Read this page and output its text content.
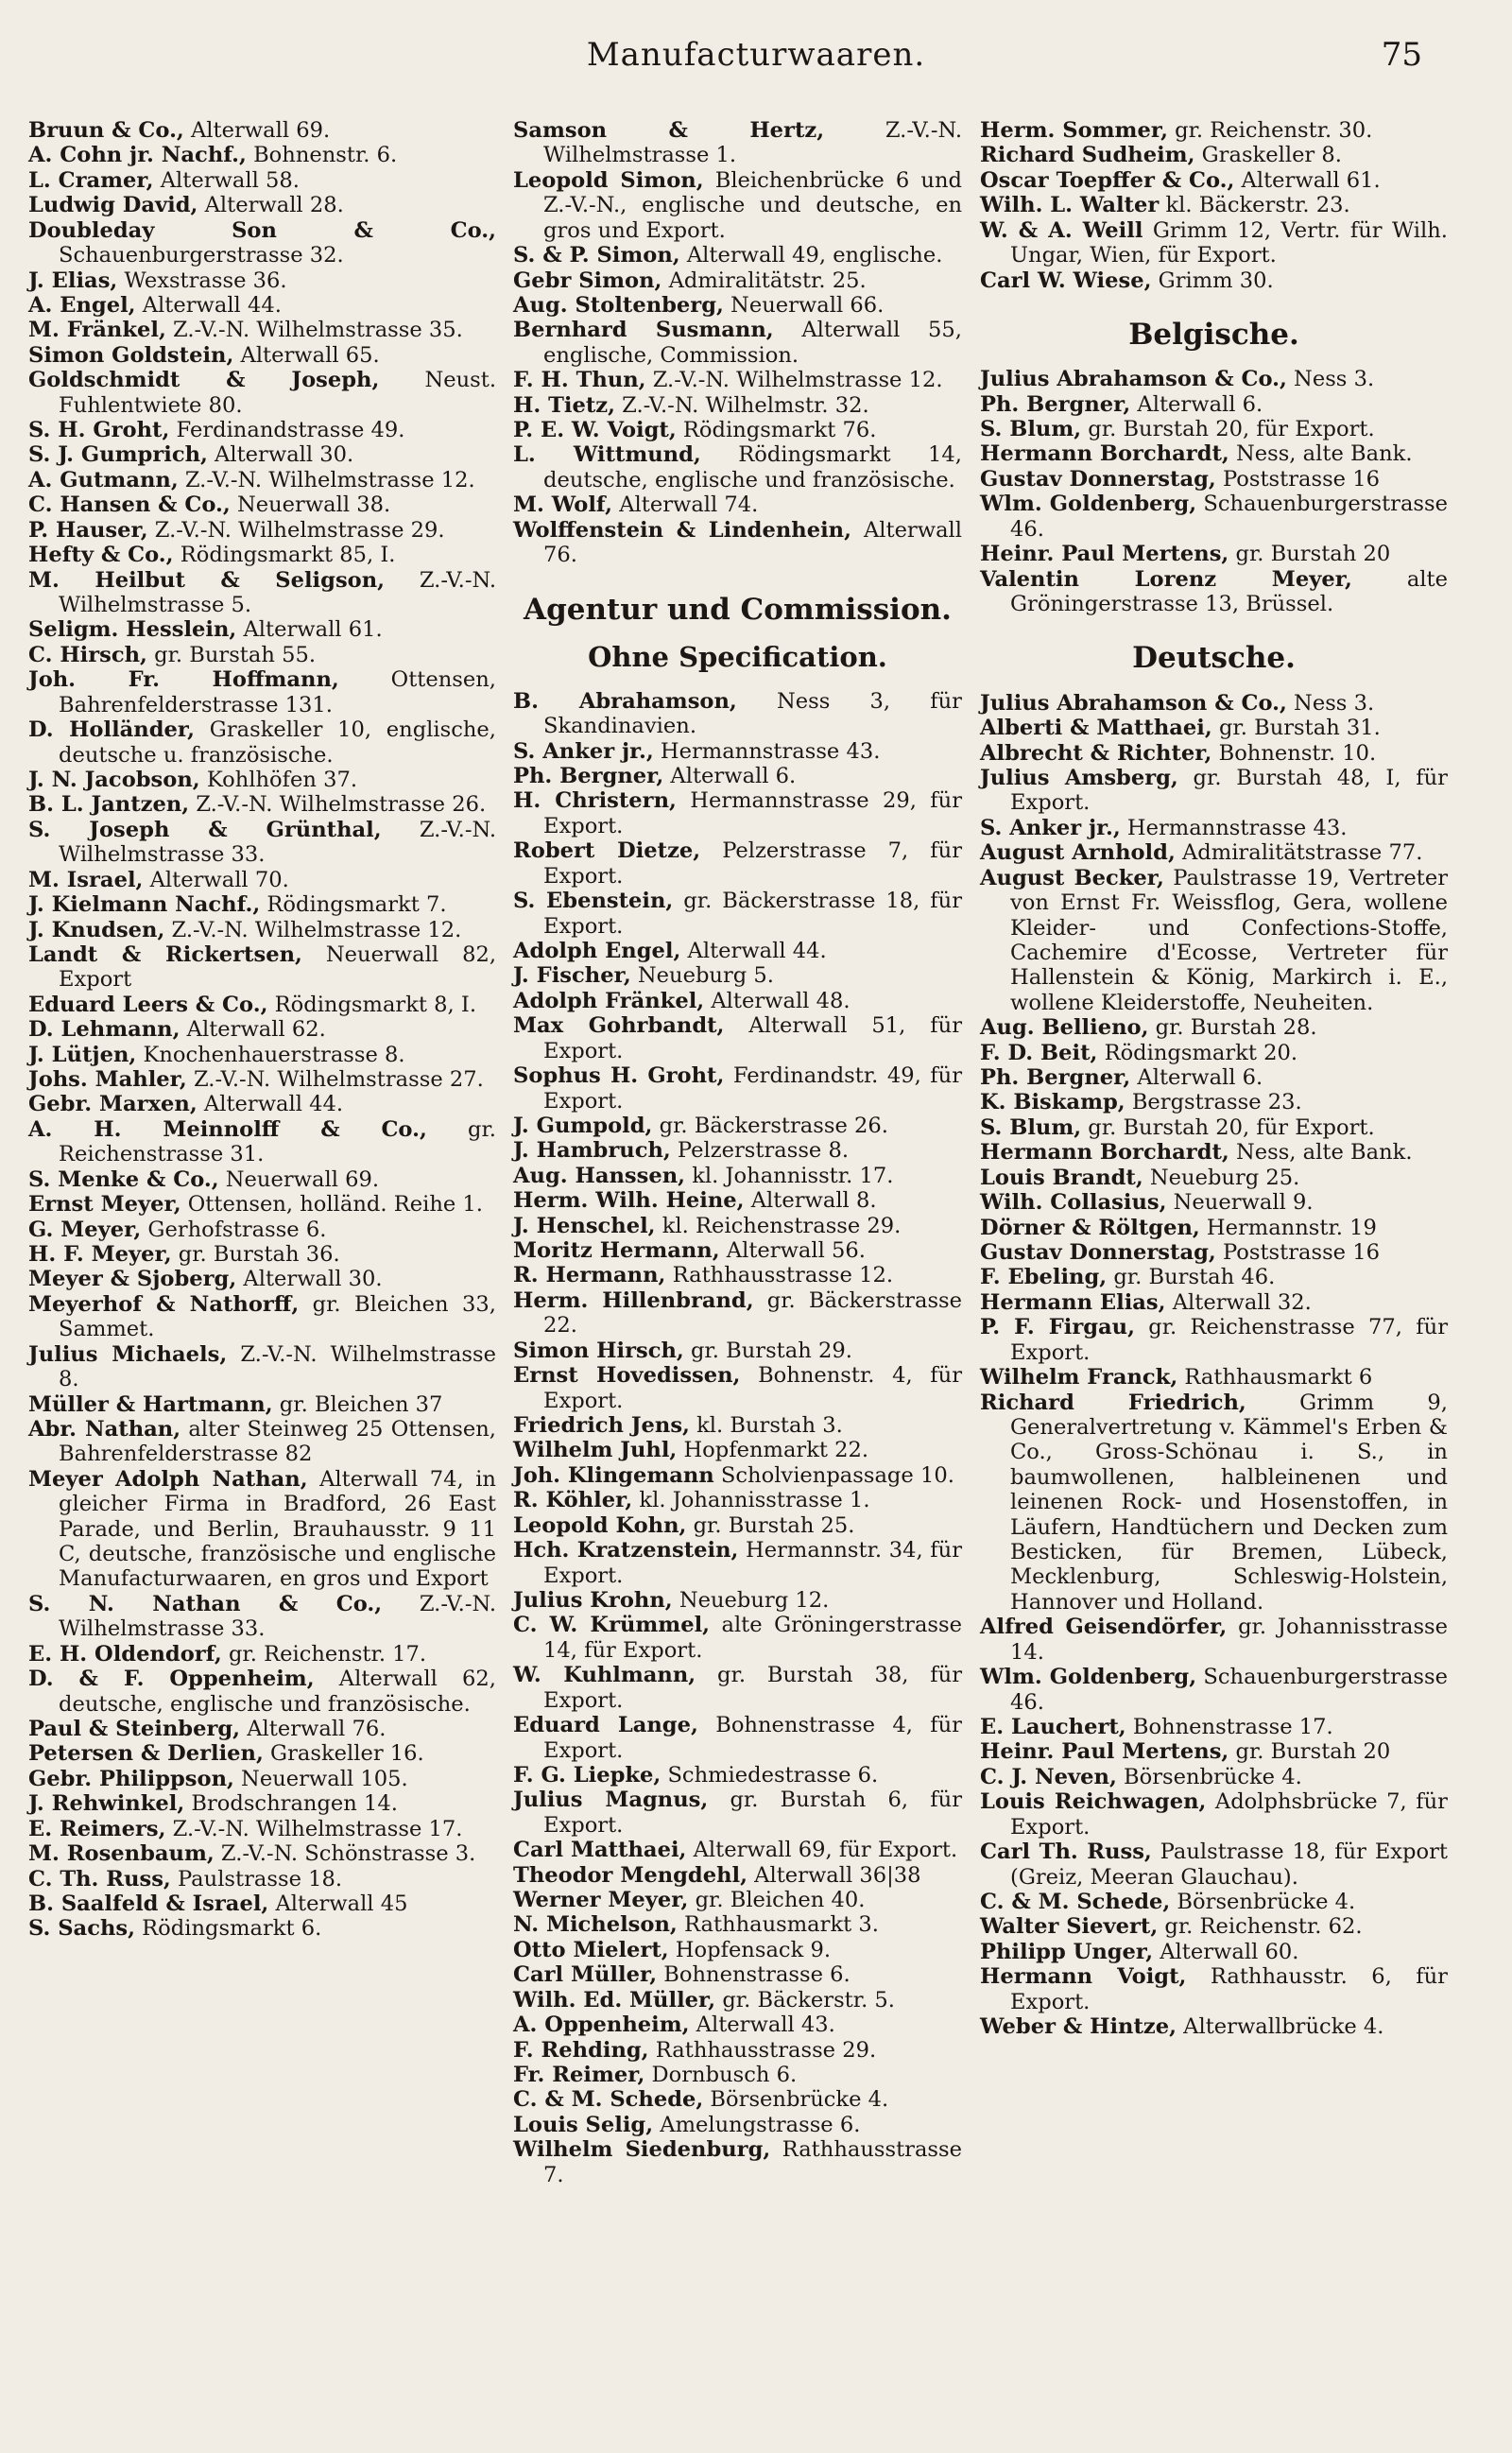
Manufacturwaaren.	75

Bruun & Co., Alterwall 69.

A. Cohn jr. Nachf., Bohnenstr. 6.

L. Cramer, Alterwall 58.

Ludwig David, Alterwall 28.

Doubleday Son & Co., Schauenburgerstrasse 32.

J. Elias, Wexstrasse 36.

A. Engel, Alterwall 44.

M. Fränkel, Z.-V.-N. Wilhelmstrasse 35.

Simon Goldstein, Alterwall 65.

Goldschmidt & Joseph, Neust. Fuhlentwiete 80.

S. H. Groht, Ferdinandstrasse 49.

S. J. Gumprich, Alterwall 30.

A. Gutmann, Z.-V.-N. Wilhelmstrasse 12.

C. Hansen & Co., Neuerwall 38.

P. Hauser, Z.-V.-N. Wilhelmstrasse 29.

Hefty & Co., Rödingsmarkt 85, I.

M. Heilbut & Seligson, Z.-V.-N. Wilhelmstrasse 5.

Seligm. Hesslein, Alterwall 61.

C. Hirsch, gr. Burstah 55.

Joh. Fr. Hoffmann, Ottensen, Bahrenfelderstrasse 131.

D. Holländer, Graskeller 10, englische, deutsche u. französische.

J. N. Jacobson, Kohlhöfen 37.

B. L. Jantzen, Z.-V.-N. Wilhelmstrasse 26.

S. Joseph & Grünthal, Z.-V.-N. Wilhelmstrasse 33.

M. Israel, Alterwall 70.

J. Kielmann Nachf., Rödingsmarkt 7.

J. Knudsen, Z.-V.-N. Wilhelmstrasse 12.

Landt & Rickertsen, Neuerwall 82, Export

Eduard Leers & Co., Rödingsmarkt 8, I.

D. Lehmann, Alterwall 62.

J. Lütjen, Knochenhauerstrasse 8.

Johs. Mahler, Z.-V.-N. Wilhelmstrasse 27.

Gebr. Marxen, Alterwall 44.

A. H. Meinnolff & Co., gr. Reichenstrasse 31.

S. Menke & Co., Neuerwall 69.

Ernst Meyer, Ottensen, holländ. Reihe 1.

G. Meyer, Gerhofstrasse 6.

H. F. Meyer, gr. Burstah 36.

Meyer & Sjoberg, Alterwall 30.

Meyerhof & Nathorff, gr. Bleichen 33, Sammet.

Julius Michaels, Z.-V.-N. Wilhelmstrasse 8.

Müller & Hartmann, gr. Bleichen 37

Abr. Nathan, alter Steinweg 25 Ottensen, Bahrenfelderstrasse 82

Meyer Adolph Nathan, Alterwall 74, in gleicher Firma in Bradford, 26 East Parade, und Berlin, Brauhausstr. 9 11 C, deutsche, französische und englische Manufacturwaaren, en gros und Export

S. N. Nathan & Co., Z.-V.-N. Wilhelmstrasse 33.

E. H. Oldendorf, gr. Reichenstr. 17.

D. & F. Oppenheim, Alterwall 62, deutsche, englische und französische.

Paul & Steinberg, Alterwall 76.

Petersen & Derlien, Graskeller 16.

Gebr. Philippson, Neuerwall 105.

J. Rehwinkel, Brodschrangen 14.

E. Reimers, Z.-V.-N. Wilhelmstrasse 17.

M. Rosenbaum, Z.-V.-N. Schönstrasse 3.

C. Th. Russ, Paulstrasse 18.

B. Saalfeld & Israel, Alterwall 45

S. Sachs, Rödingsmarkt 6.

Samson & Hertz, Z.-V.-N. Wilhelmstrasse 1.

Leopold Simon, Bleichenbrücke 6 und Z.-V.-N., englische und deutsche, en gros und Export.

S. & P. Simon, Alterwall 49, englische.

Gebr Simon, Admiralitätstr. 25.

Aug. Stoltenberg, Neuerwall 66.

Bernhard Susmann, Alterwall 55, englische, Commission.

F. H. Thun, Z.-V.-N. Wilhelmstrasse 12.

H. Tietz, Z.-V.-N. Wilhelmstr. 32.

P. E. W. Voigt, Rödingsmarkt 76.

L. Wittmund, Rödingsmarkt 14, deutsche, englische und französische.

M. Wolf, Alterwall 74.

Wolffenstein & Lindenhein, Alterwall 76.

Agentur und Commission.

Ohne Specification.

B. Abrahamson, Ness 3, für Skandinavien.

S. Anker jr., Hermannstrasse 43.

Ph. Bergner, Alterwall 6.

H. Christern, Hermannstrasse 29, für Export.

Robert Dietze, Pelzerstrasse 7, für Export.

S. Ebenstein, gr. Bäckerstrasse 18, für Export.

Adolph Engel, Alterwall 44.

J. Fischer, Neueburg 5.

Adolph Fränkel, Alterwall 48.

Max Gohrbandt, Alterwall 51, für Export.

Sophus H. Groht, Ferdinandstr. 49, für Export.

J. Gumpold, gr. Bäckerstrasse 26.

J. Hambruch, Pelzerstrasse 8.

Aug. Hanssen, kl. Johannisstr. 17.

Herm. Wilh. Heine, Alterwall 8.

J. Henschel, kl. Reichenstrasse 29.

Moritz Hermann, Alterwall 56.

R. Hermann, Rathhausstrasse 12.

Herm. Hillenbrand, gr. Bäckerstrasse 22.

Simon Hirsch, gr. Burstah 29.

Ernst Hovedissen, Bohnenstr. 4, für Export.

Friedrich Jens, kl. Burstah 3.

Wilhelm Juhl, Hopfenmarkt 22.

Joh. Klingemann Scholvienpassage 10.

R. Köhler, kl. Johannisstrasse 1.

Leopold Kohn, gr. Burstah 25.

Hch. Kratzenstein, Hermannstr. 34, für Export.

Julius Krohn, Neueburg 12.

C. W. Krümmel, alte Gröningerstrasse 14, für Export.

W. Kuhlmann, gr. Burstah 38, für Export.

Eduard Lange, Bohnenstrasse 4, für Export.

F. G. Liepke, Schmiedestrasse 6.

Julius Magnus, gr. Burstah 6, für Export.

Carl Matthaei, Alterwall 69, für Export.

Theodor Mengdehl, Alterwall 36|38

Werner Meyer, gr. Bleichen 40.

N. Michelson, Rathhausmarkt 3.

Otto Mielert, Hopfensack 9.

Carl Müller, Bohnenstrasse 6.

Wilh. Ed. Müller, gr. Bäckerstr. 5.

A. Oppenheim, Alterwall 43.

F. Rehding, Rathhausstrasse 29.

Fr. Reimer, Dornbusch 6.

C. & M. Schede, Börsenbrücke 4.

Louis Selig, Amelungstrasse 6.

Wilhelm Siedenburg, Rathhausstrasse 7.

Herm. Sommer, gr. Reichenstr. 30.

Richard Sudheim, Graskeller 8.

Oscar Toepffer & Co., Alterwall 61.

Wilh. L. Walter kl. Bäckerstr. 23.

W. & A. Weill Grimm 12, Vertr. für Wilh. Ungar, Wien, für Export.

Carl W. Wiese, Grimm 30.

Belgische.

Julius Abrahamson & Co., Ness 3.

Ph. Bergner, Alterwall 6.

S. Blum, gr. Burstah 20, für Export.

Hermann Borchardt, Ness, alte Bank.

Gustav Donnerstag, Poststrasse 16

Wlm. Goldenberg, Schauenburgerstrasse 46.

Heinr. Paul Mertens, gr. Burstah 20

Valentin Lorenz Meyer, alte Gröningerstrasse 13, Brüssel.

Deutsche.

Julius Abrahamson & Co., Ness 3.

Alberti & Matthaei, gr. Burstah 31.

Albrecht & Richter, Bohnenstr. 10.

Julius Amsberg, gr. Burstah 48, I, für Export.

S. Anker jr., Hermannstrasse 43.

August Arnhold, Admiralitätstrasse 77.

August Becker, Paulstrasse 19, Vertreter von Ernst Fr. Weissflog, Gera, wollene Kleider- und Confections-Stoffe, Cachemire d'Ecosse, Vertreter für Hallenstein & König, Markirch i. E., wollene Kleiderstoffe, Neuheiten.

Aug. Bellieno, gr. Burstah 28.

F. D. Beit, Rödingsmarkt 20.

Ph. Bergner, Alterwall 6.

K. Biskamp, Bergstrasse 23.

S. Blum, gr. Burstah 20, für Export.

Hermann Borchardt, Ness, alte Bank.

Louis Brandt, Neueburg 25.

Wilh. Collasius, Neuerwall 9.

Dörner & Röltgen, Hermannstr. 19

Gustav Donnerstag, Poststrasse 16

F. Ebeling, gr. Burstah 46.

Hermann Elias, Alterwall 32.

P. F. Firgau, gr. Reichenstrasse 77, für Export.

Wilhelm Franck, Rathhausmarkt 6

Richard Friedrich, Grimm 9, Generalvertretung v. Kämmel's Erben & Co., Gross-Schönau i. S., in baumwollenen, halbleinenen und leinenen Rock- und Hosenstoffen, in Läufern, Handtüchern und Decken zum Besticken, für Bremen, Lübeck, Mecklenburg, Schleswig-Holstein, Hannover und Holland.

Alfred Geisendörfer, gr. Johannisstrasse 14.

Wlm. Goldenberg, Schauenburgerstrasse 46.

E. Lauchert, Bohnenstrasse 17.

Heinr. Paul Mertens, gr. Burstah 20

C. J. Neven, Börsenbrücke 4.

Louis Reichwagen, Adolphsbrücke 7, für Export.

Carl Th. Russ, Paulstrasse 18, für Export (Greiz, Meeran Glauchau).

C. & M. Schede, Börsenbrücke 4.

Walter Sievert, gr. Reichenstr. 62.

Philipp Unger, Alterwall 60.

Hermann Voigt, Rathhausstr. 6, für Export.

Weber & Hintze, Alterwallbrücke 4.
